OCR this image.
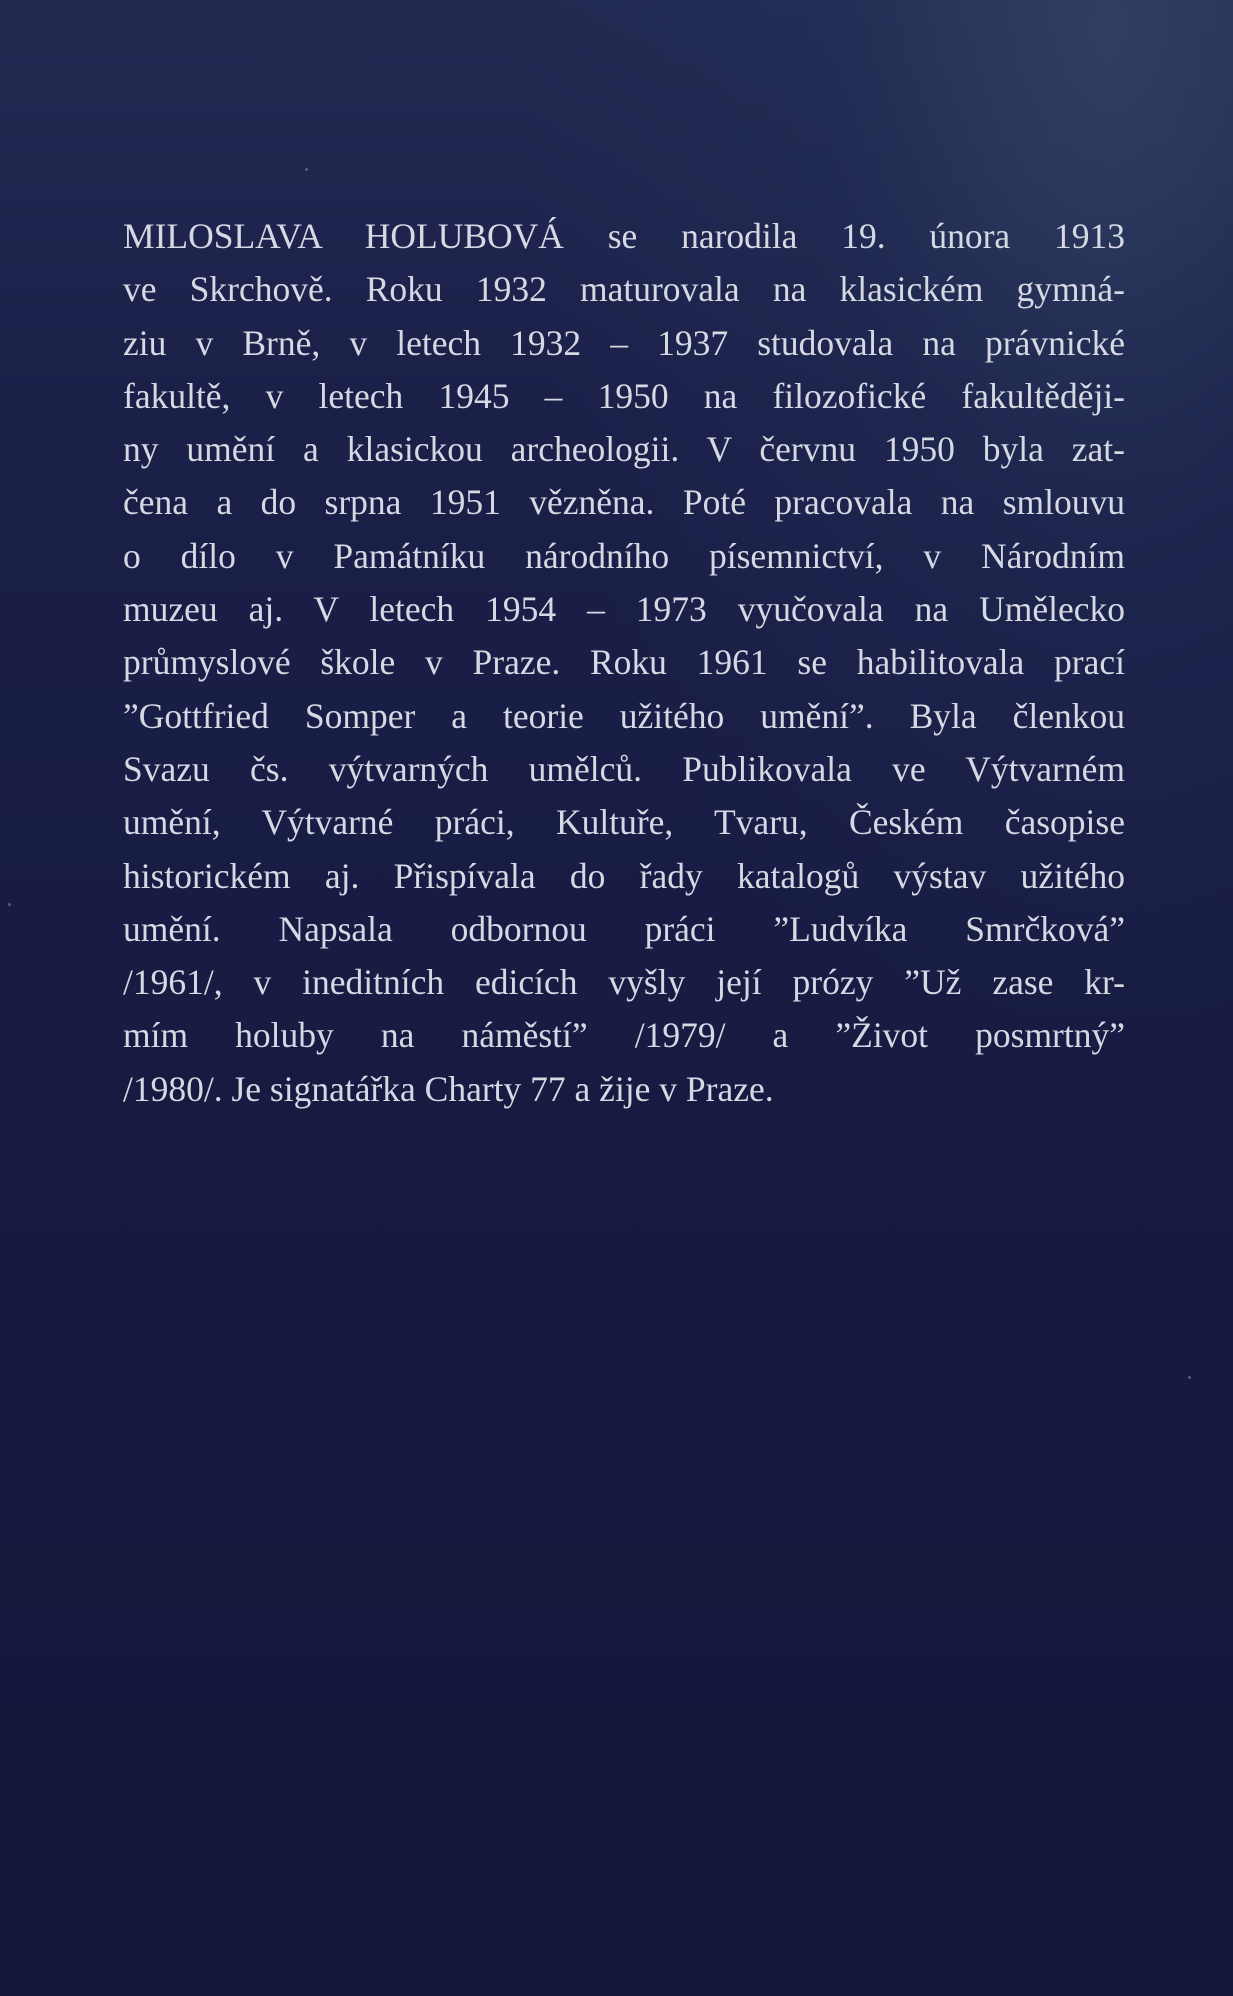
MILOSLAVA HOLUBOVÁ se narodila 19. února 1913
ve Skrchově. Roku 1932 maturovala na klasickém gymná-
ziu v Brně, v letech 1932 – 1937 studovala na právnické
fakultě, v letech 1945 – 1950 na filozofické fakultěději-
ny umění a klasickou archeologii. V červnu 1950 byla zat-
čena a do srpna 1951 vězněna. Poté pracovala na smlouvu
o dílo v Památníku národního písemnictví, v Národním
muzeu aj. V letech 1954 – 1973 vyučovala na Umělecko
průmyslové škole v Praze. Roku 1961 se habilitovala prací
”Gottfried Somper a teorie užitého umění”. Byla členkou
Svazu čs. výtvarných umělců. Publikovala ve Výtvarném
umění, Výtvarné práci, Kultuře, Tvaru, Českém časopise
historickém aj. Přispívala do řady katalogů výstav užitého
umění. Napsala odbornou práci ”Ludvíka Smrčková”
/1961/, v ineditních edicích vyšly její prózy ”Už zase kr-
mím holuby na náměstí” /1979/ a ”Život posmrtný”
/1980/. Je signatářka Charty 77 a žije v Praze.
